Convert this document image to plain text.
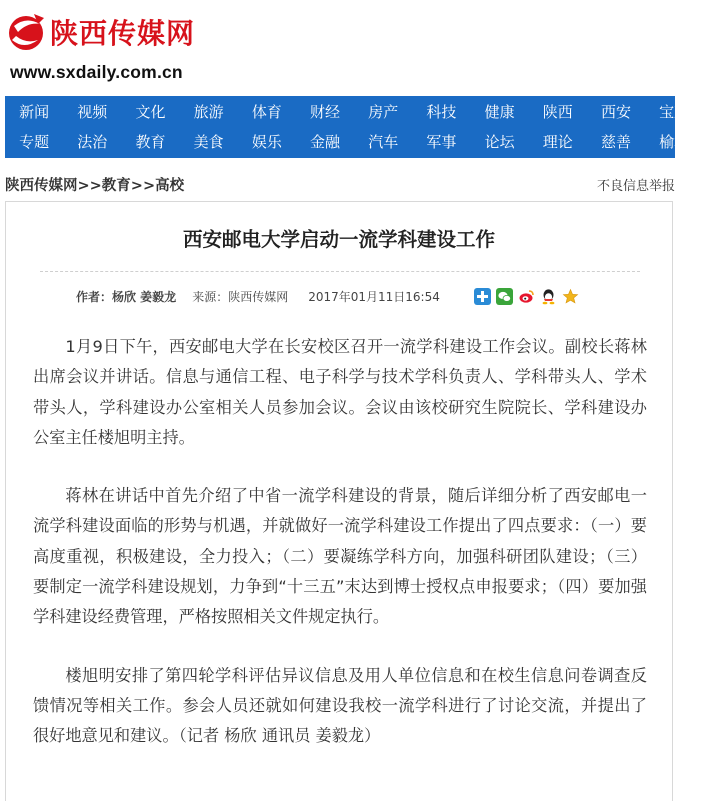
陕西传媒网
www.sxdaily.com.cn
新闻	视频	文化	旅游	体育	财经	房产	科技	健康	陕西	西安	宝鸡
专题	法治	教育	美食	娱乐	金融	汽车	军事	论坛	理论	慈善	榆林
陕西传媒网>>教育>>高校	不良信息举报
西安邮电大学启动一流学科建设工作
作者：杨欣 姜毅龙 来源：陕西传媒网 2017年01月11日16:54

1月9日下午，西安邮电大学在长安校区召开一流学科建设工作会议。副校长蒋林出席会议并讲话。信息与通信工程、电子科学与技术学科负责人、学科带头人、学术带头人，学科建设办公室相关人员参加会议。会议由该校研究生院院长、学科建设办公室主任楼旭明主持。

蒋林在讲话中首先介绍了中省一流学科建设的背景，随后详细分析了西安邮电一流学科建设面临的形势与机遇，并就做好一流学科建设工作提出了四点要求：（一）要高度重视，积极建设，全力投入；（二）要凝练学科方向，加强科研团队建设；（三）要制定一流学科建设规划，力争到“十三五”末达到博士授权点申报要求；（四）要加强学科建设经费管理，严格按照相关文件规定执行。

楼旭明安排了第四轮学科评估异议信息及用人单位信息和在校生信息问卷调查反馈情况等相关工作。参会人员还就如何建设我校一流学科进行了讨论交流，并提出了很好地意见和建议。（记者 杨欣 通讯员 姜毅龙）
